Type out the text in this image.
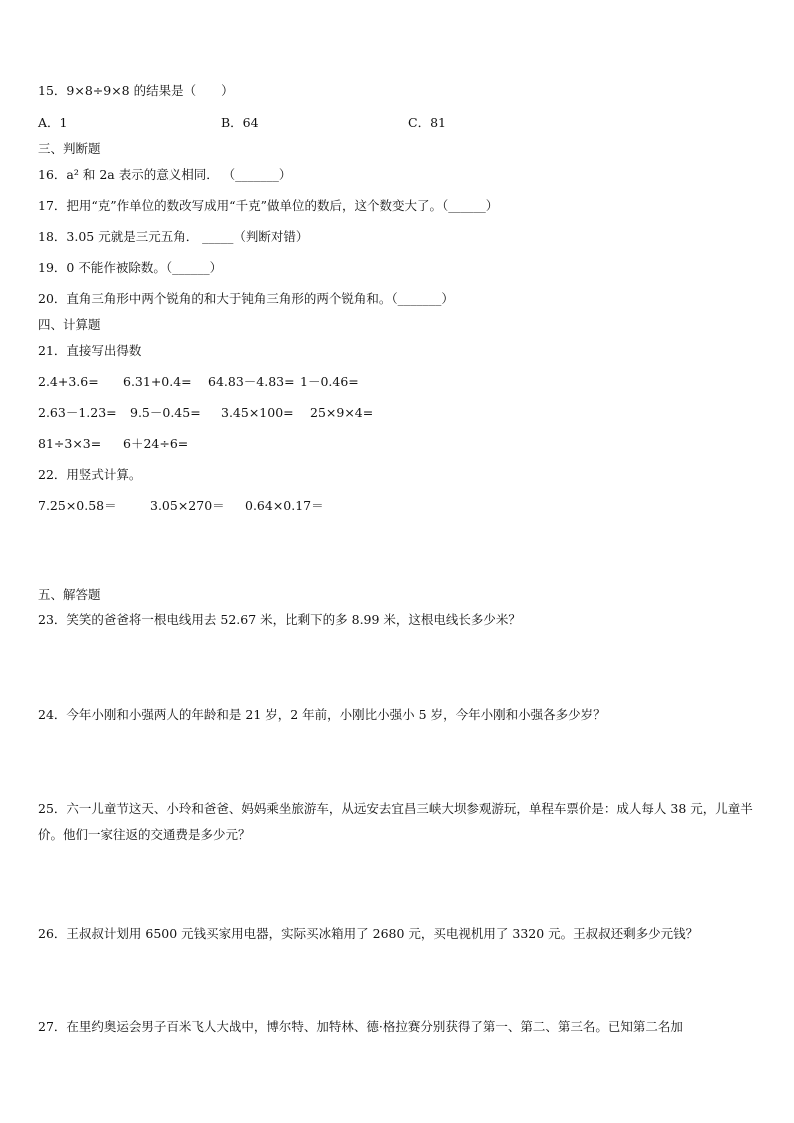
15．9×8÷9×8 的结果是（　　）
A．1	B．64	C．81
三、判断题
16．a² 和 2a 表示的意义相同． （_______）
17．把用“克”作单位的数改写成用“千克”做单位的数后，这个数变大了。（______）
18．3.05 元就是三元五角． _____（判断对错）
19．0 不能作被除数。（______）
20．直角三角形中两个锐角的和大于钝角三角形的两个锐角和。（_______）
四、计算题
21．直接写出得数
2.4+3.6= 6.31+0.4= 64.83－4.83= 1－0.46=
2.63－1.23= 9.5－0.45= 3.45×100= 25×9×4=
81÷3×3= 6＋24÷6=
22．用竖式计算。
7.25×0.58＝	3.05×270＝ 0.64×0.17＝
五、解答题
23．笑笑的爸爸将一根电线用去 52.67 米，比剩下的多 8.99 米，这根电线长多少米？
24．今年小刚和小强两人的年龄和是 21 岁，2 年前，小刚比小强小 5 岁，今年小刚和小强各多少岁？
25．六一儿童节这天、小玲和爸爸、妈妈乘坐旅游车，从远安去宜昌三峡大坝参观游玩，单程车票价是：成人每人 38 元，儿童半价。他们一家往返的交通费是多少元？
26．王叔叔计划用 6500 元钱买家用电器，实际买冰箱用了 2680 元，买电视机用了 3320 元。王叔叔还剩多少元钱？
27．在里约奥运会男子百米飞人大战中，博尔特、加特林、德·格拉赛分别获得了第一、第二、第三名。已知第二名加
